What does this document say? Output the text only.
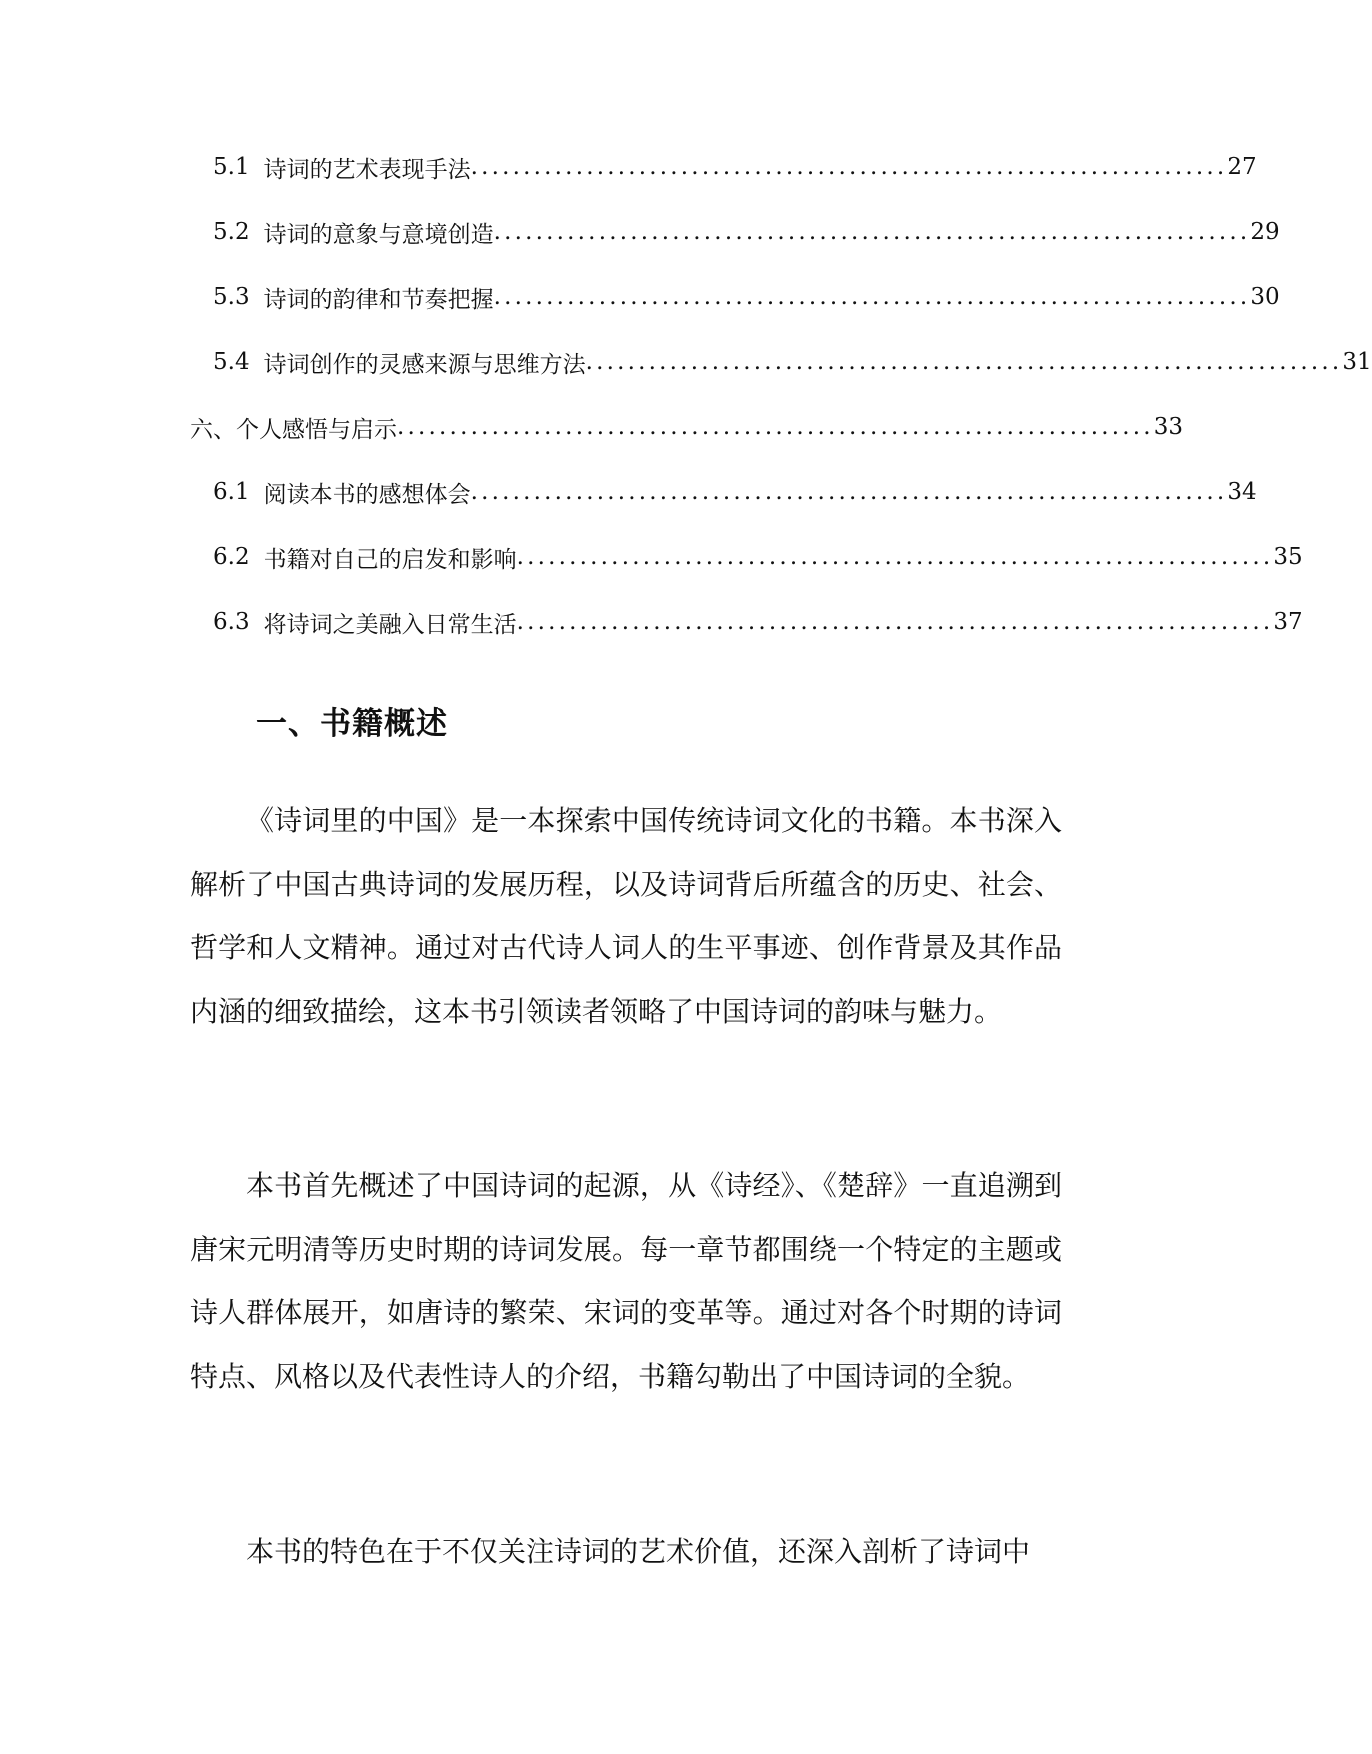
5.1 诗词的艺术表现手法 ........................................................................ 27
5.2 诗词的意象与意境创造 ........................................................................ 29
5.3 诗词的韵律和节奏把握 ........................................................................ 30
5.4 诗词创作的灵感来源与思维方法 ........................................................................ 31
六、个人感悟与启示 ........................................................................ 33
6.1 阅读本书的感想体会 ........................................................................ 34
6.2 书籍对自己的启发和影响 ........................................................................ 35
6.3 将诗词之美融入日常生活 ........................................................................ 37
一、书籍概述

《诗词里的中国》是一本探索中国传统诗词文化的书籍。本书深入解析了中国古典诗词的发展历程，以及诗词背后所蕴含的历史、社会、哲学和人文精神。通过对古代诗人词人的生平事迹、创作背景及其作品内涵的细致描绘，这本书引领读者领略了中国诗词的韵味与魅力。

本书首先概述了中国诗词的起源，从《诗经》、《楚辞》一直追溯到唐宋元明清等历史时期的诗词发展。每一章节都围绕一个特定的主题或诗人群体展开，如唐诗的繁荣、宋词的变革等。通过对各个时期的诗词特点、风格以及代表性诗人的介绍，书籍勾勒出了中国诗词的全貌。

本书的特色在于不仅关注诗词的艺术价值，还深入剖析了诗词中
